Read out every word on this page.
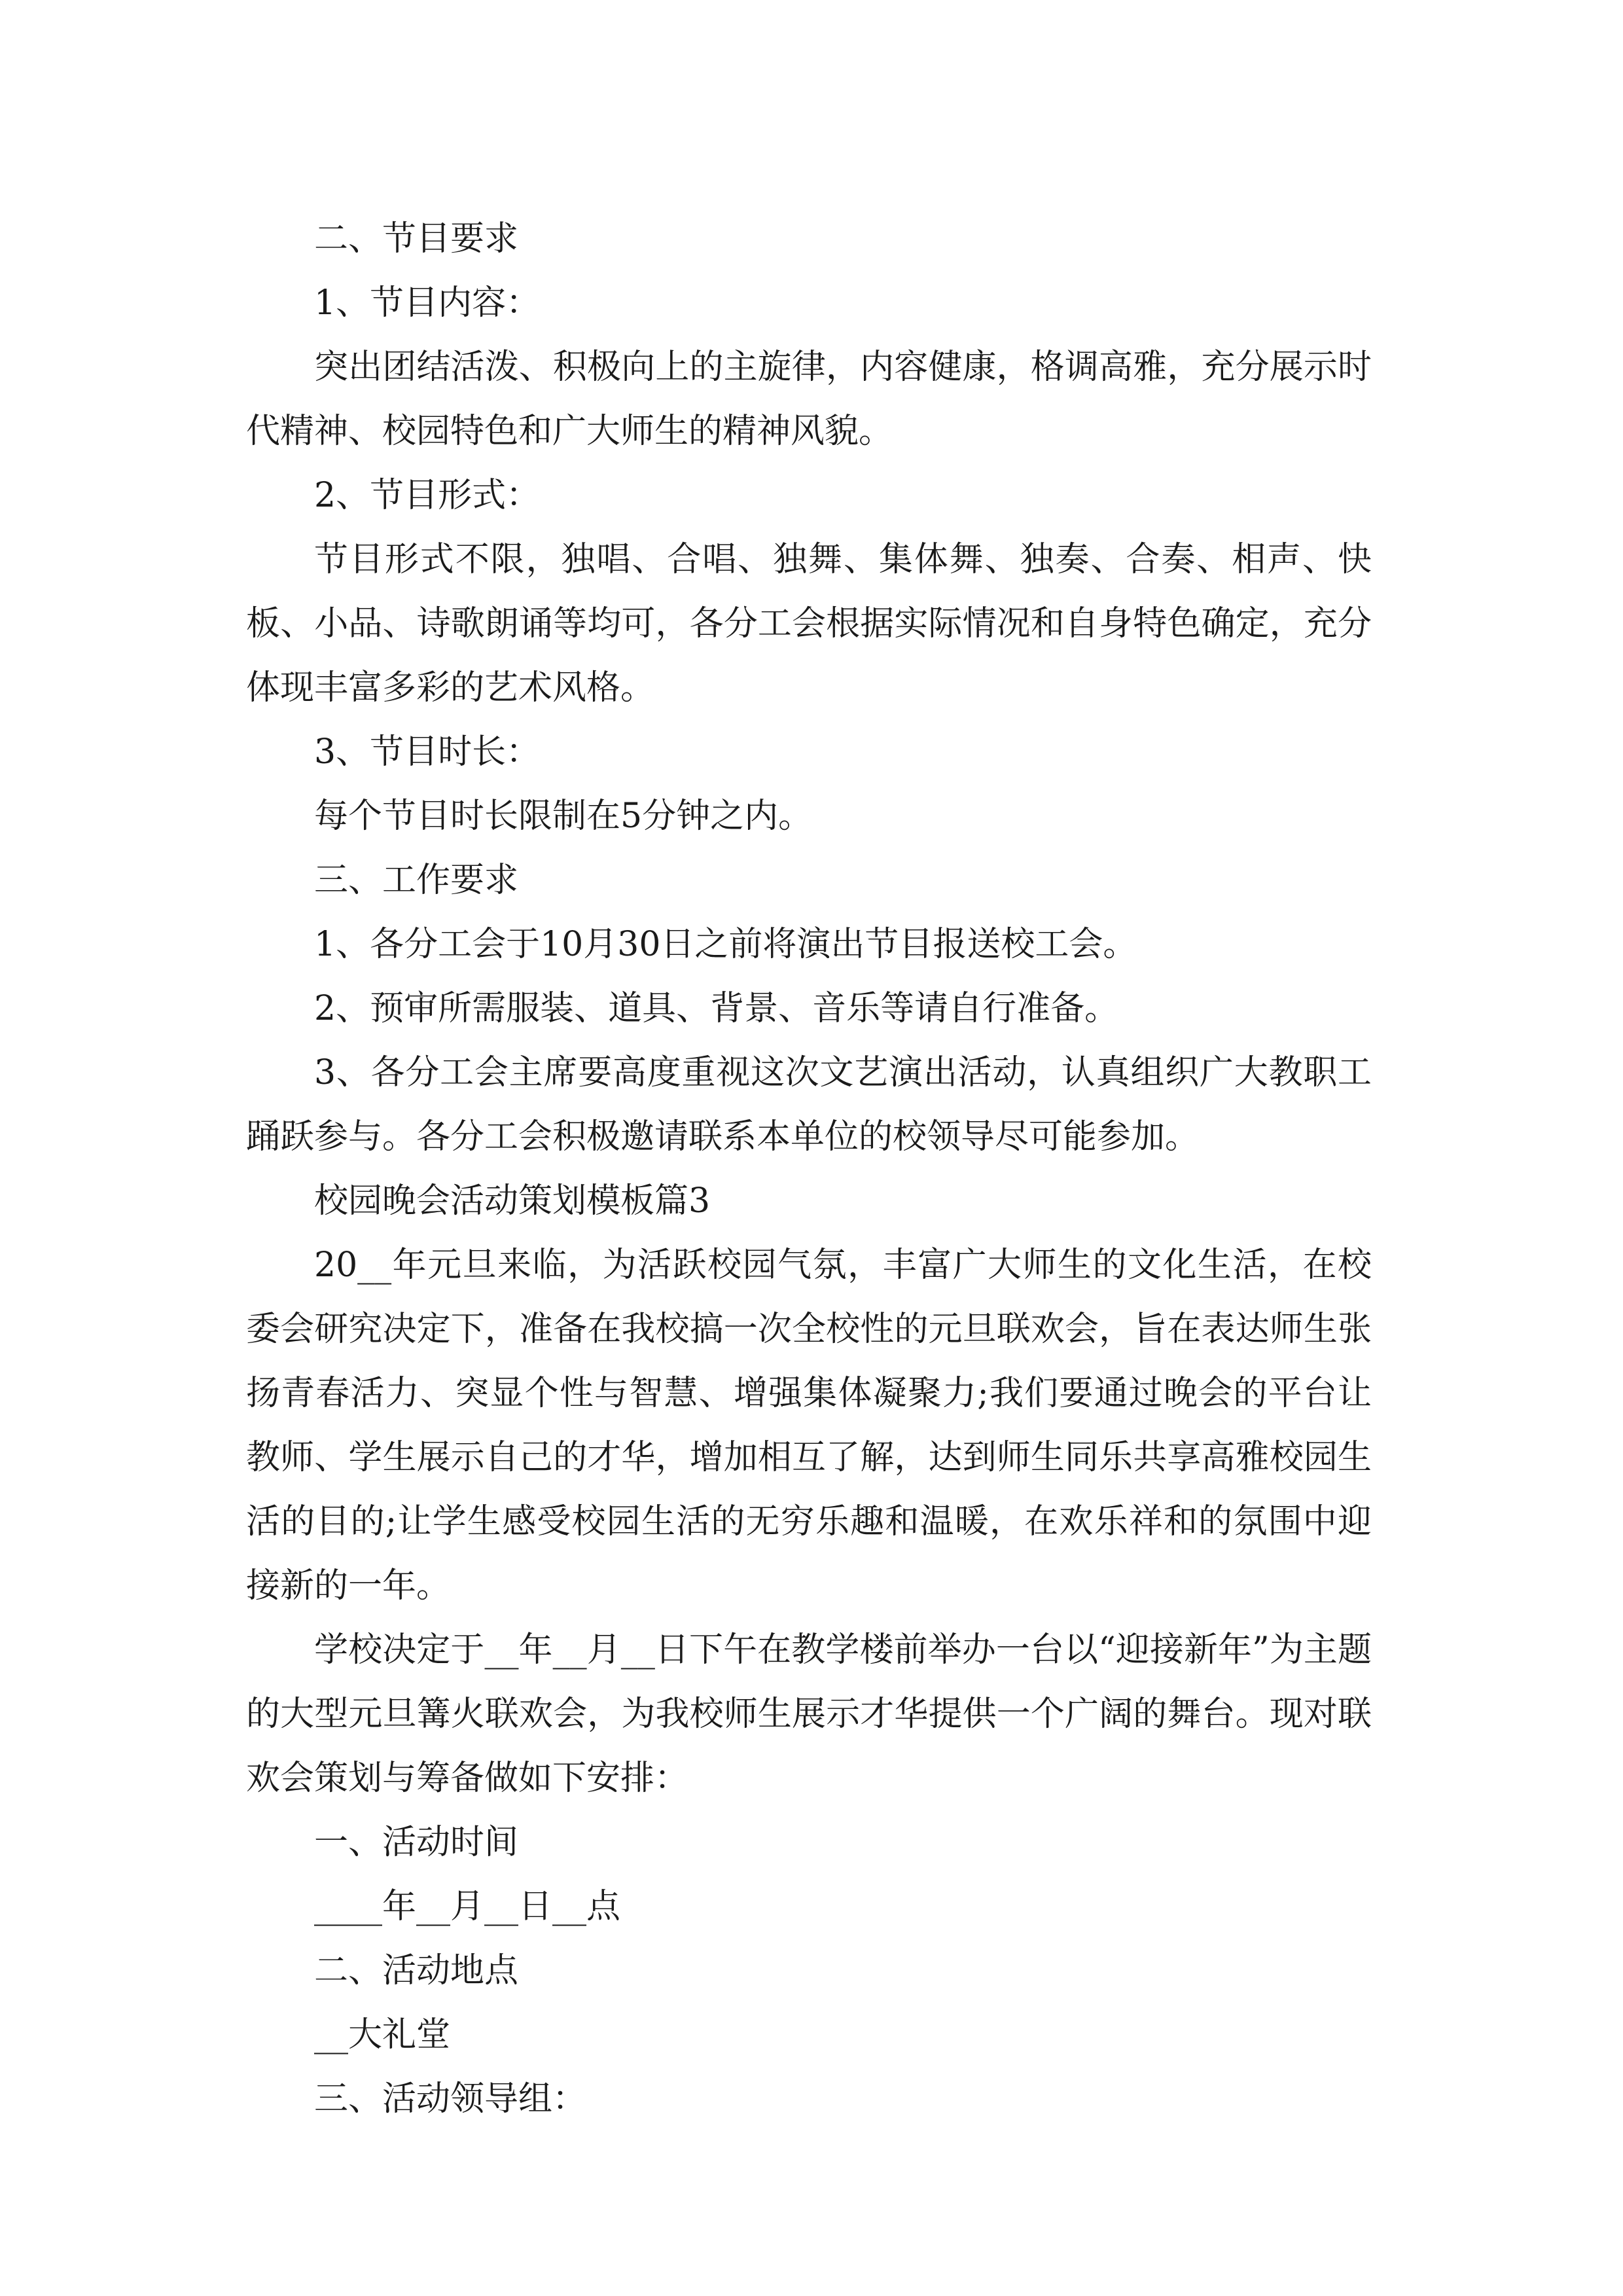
二、节目要求

1、节目内容：

突出团结活泼、积极向上的主旋律，内容健康，格调高雅，充分展示时代精神、校园特色和广大师生的精神风貌。

2、节目形式：

节目形式不限，独唱、合唱、独舞、集体舞、独奏、合奏、相声、快板、小品、诗歌朗诵等均可，各分工会根据实际情况和自身特色确定，充分体现丰富多彩的艺术风格。

3、节目时长：

每个节目时长限制在5分钟之内。

三、工作要求

1、各分工会于10月30日之前将演出节目报送校工会。

2、预审所需服装、道具、背景、音乐等请自行准备。

3、各分工会主席要高度重视这次文艺演出活动，认真组织广大教职工踊跃参与。各分工会积极邀请联系本单位的校领导尽可能参加。

校园晚会活动策划模板篇3

20__年元旦来临，为活跃校园气氛，丰富广大师生的文化生活，在校委会研究决定下，准备在我校搞一次全校性的元旦联欢会，旨在表达师生张扬青春活力、突显个性与智慧、增强集体凝聚力;我们要通过晚会的平台让教师、学生展示自己的才华，增加相互了解，达到师生同乐共享高雅校园生活的目的;让学生感受校园生活的无穷乐趣和温暖，在欢乐祥和的氛围中迎接新的一年。

学校决定于__年__月__日下午在教学楼前举办一台以“迎接新年”为主题的大型元旦篝火联欢会，为我校师生展示才华提供一个广阔的舞台。现对联欢会策划与筹备做如下安排：

一、活动时间

____年__月__日__点

二、活动地点

__大礼堂

三、活动领导组：
